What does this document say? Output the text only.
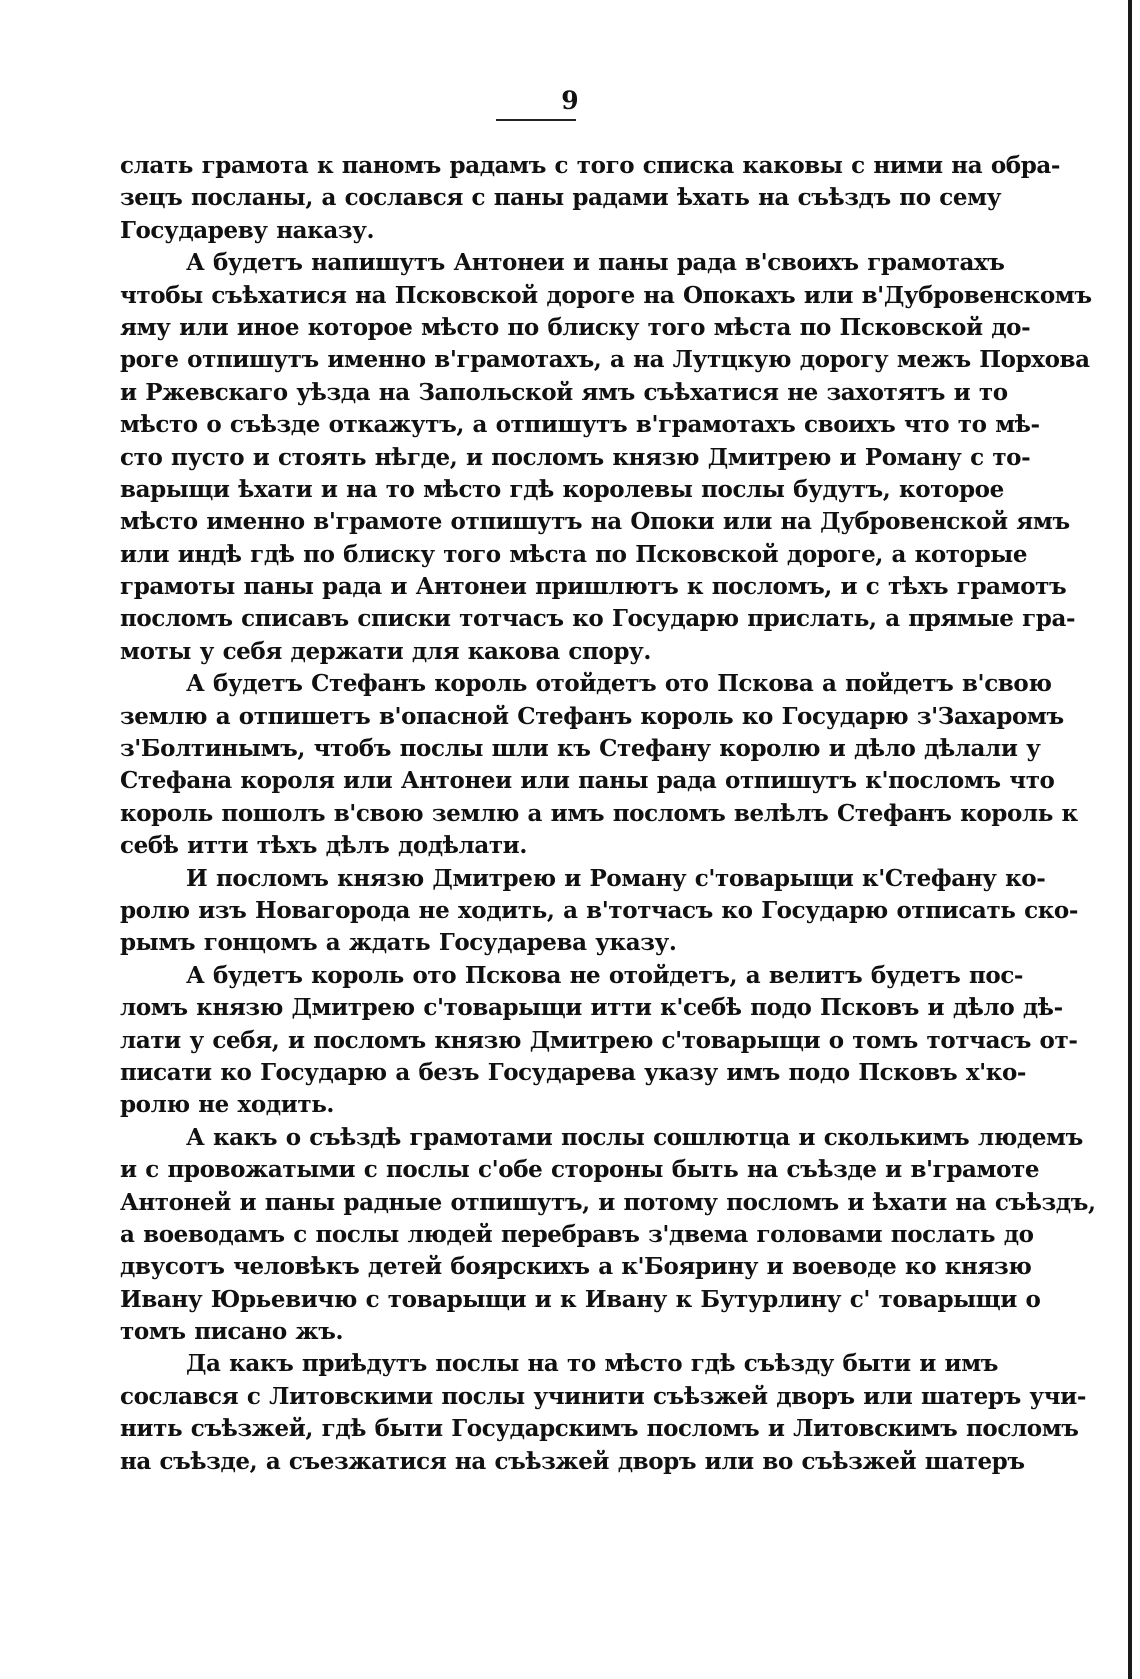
9
слать грамота к паномъ радамъ с того списка каковы с ними на обра-
зецъ посланы, а сослався с паны радами ѣхать на съѣздъ по сему
Государеву наказу.
А будетъ напишутъ Антонеи и паны рада в'своихъ грамотахъ
чтобы съѣхатися на Псковской дороге на Опокахъ или в'Дубровенскомъ
яму или иное которое мѣсто по блиску того мѣста по Псковской до-
роге отпишутъ именно в'грамотахъ, а на Лутцкую дорогу межъ Порхова
и Ржевскаго уѣзда на Запольской ямъ съѣхатися не захотятъ и то
мѣсто о съѣзде откажутъ, а отпишутъ в'грамотахъ своихъ что то мѣ-
сто пусто и стоять нѣгде, и посломъ князю Дмитрею и Роману с то-
варыщи ѣхати и на то мѣсто гдѣ королевы послы будутъ, которое
мѣсто именно в'грамоте отпишутъ на Опоки или на Дубровенской ямъ
или индѣ гдѣ по блиску того мѣста по Псковской дороге, а которые
грамоты паны рада и Антонеи пришлютъ к посломъ, и с тѣхъ грамотъ
посломъ списавъ списки тотчасъ ко Государю прислать, а прямые гра-
моты у себя держати для какова спору.
А будетъ Стефанъ король отойдетъ ото Пскова а пойдетъ в'свою
землю а отпишетъ в'опасной Стефанъ король ко Государю з'Захаромъ
з'Болтинымъ, чтобъ послы шли къ Стефану королю и дѣло дѣлали у
Стефана короля или Антонеи или паны рада отпишутъ к'посломъ что
король пошолъ в'свою землю а имъ посломъ велѣлъ Стефанъ король к
себѣ итти тѣхъ дѣлъ додѣлати.
И посломъ князю Дмитрею и Роману с'товарыщи к'Стефану ко-
ролю изъ Новагорода не ходить, а в'тотчасъ ко Государю отписать ско-
рымъ гонцомъ а ждать Государева указу.
А будетъ король ото Пскова не отойдетъ, а велитъ будетъ пос-
ломъ князю Дмитрею с'товарыщи итти к'себѣ подо Псковъ и дѣло дѣ-
лати у себя, и посломъ князю Дмитрею с'товарыщи о томъ тотчасъ от-
писати ко Государю а безъ Государева указу имъ подо Псковъ х'ко-
ролю не ходить.
А какъ о съѣздѣ грамотами послы сошлютца и сколькимъ людемъ
и с провожатыми с послы с'обе стороны быть на съѣзде и в'грамоте
Антоней и паны радные отпишутъ, и потому посломъ и ѣхати на съѣздъ,
а воеводамъ с послы людей перебравъ з'двема головами послать до
двусотъ человѣкъ детей боярскихъ а к'Боярину и воеводе ко князю
Ивану Юрьевичю с товарыщи и к Ивану к Бутурлину с' товарыщи о
томъ писано жъ.
Да какъ приѣдутъ послы на то мѣсто гдѣ съѣзду быти и имъ
сослався с Литовскими послы учинити съѣзжей дворъ или шатеръ учи-
нить съѣзжей, гдѣ быти Государскимъ посломъ и Литовскимъ посломъ
на съѣзде, а съезжатися на съѣзжей дворъ или во съѣзжей шатеръ
